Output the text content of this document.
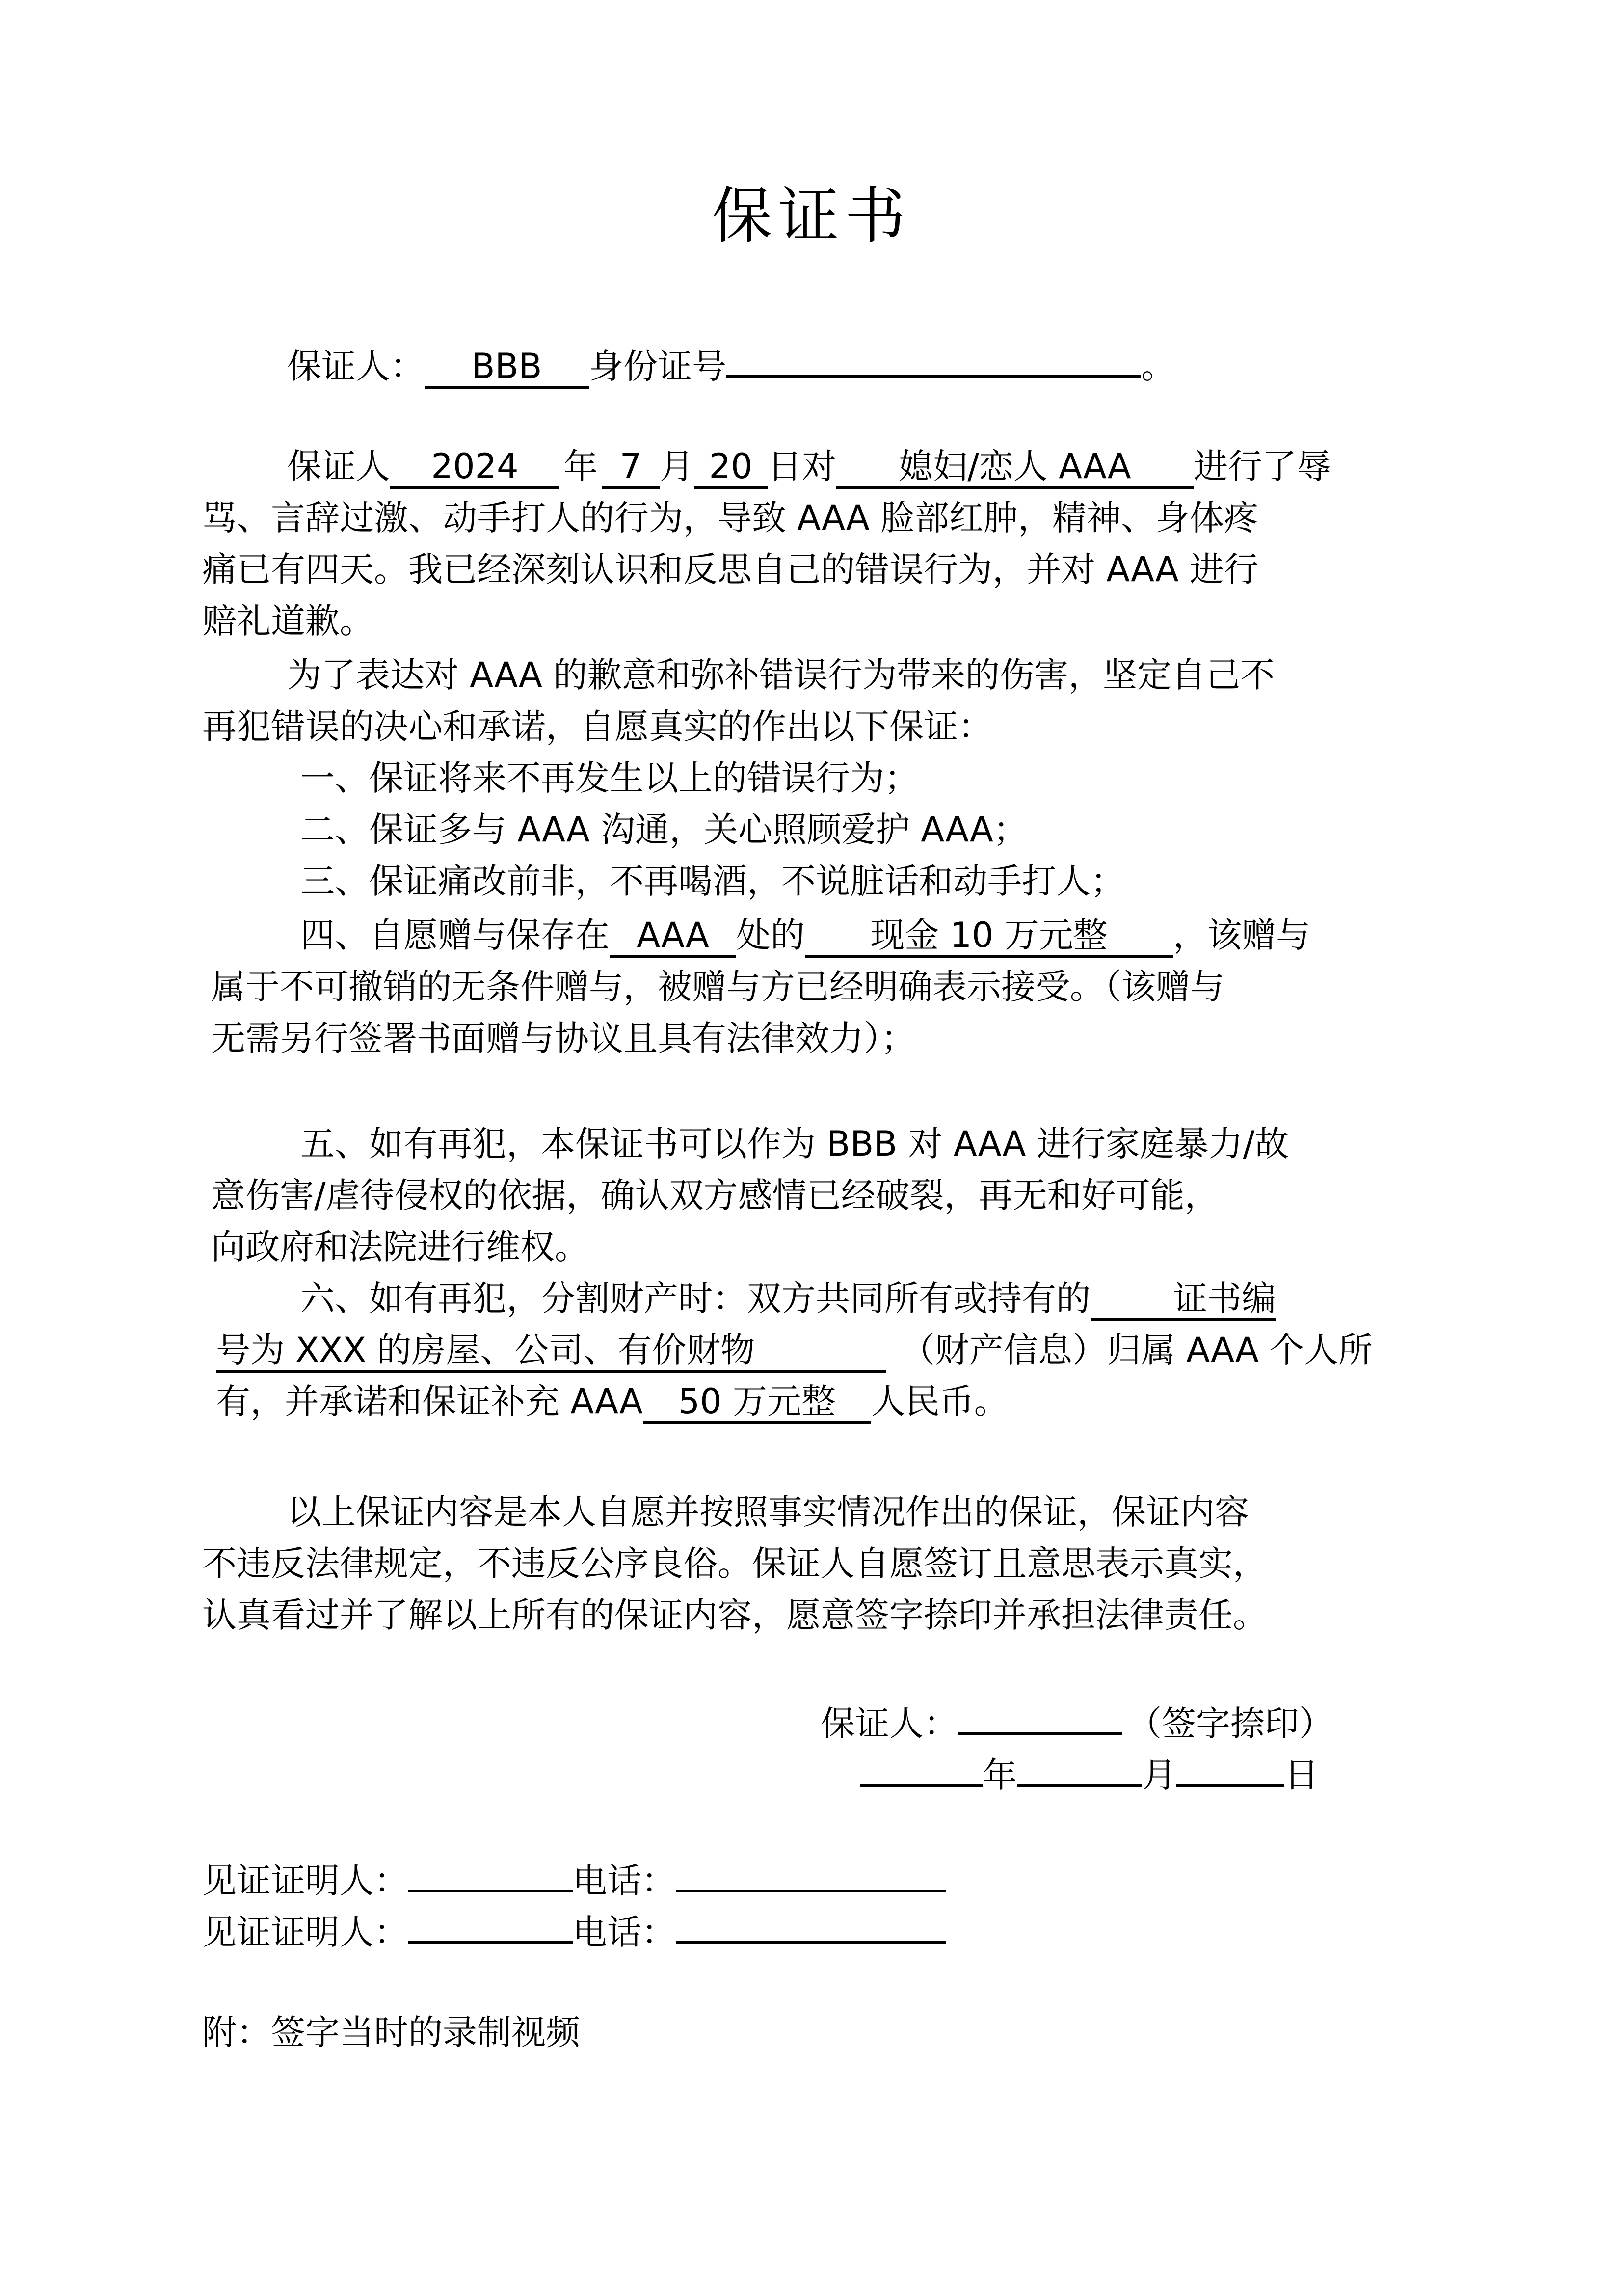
保证书
保证人： BBB 身份证号	。
保证人 2024 年 7 月 20 日对 媳妇/恋人 AAA 进行了辱
骂、言辞过激、动手打人的行为，导致 AAA 脸部红肿，精神、身体疼
痛已有四天。我已经深刻认识和反思自己的错误行为，并对 AAA 进行
赔礼道歉。
为了表达对 AAA 的歉意和弥补错误行为带来的伤害，坚定自己不
再犯错误的决心和承诺，自愿真实的作出以下保证：
一、保证将来不再发生以上的错误行为；
二、保证多与 AAA 沟通，关心照顾爱护 AAA；
三、保证痛改前非，不再喝酒，不说脏话和动手打人；
四、自愿赠与保存在 AAA 处的 现金 10 万元整 ，该赠与
属于不可撤销的无条件赠与，被赠与方已经明确表示接受。（该赠与
无需另行签署书面赠与协议且具有法律效力）；
五、如有再犯，本保证书可以作为 BBB 对 AAA 进行家庭暴力/故
意伤害/虐待侵权的依据，确认双方感情已经破裂，再无和好可能，
向政府和法院进行维权。
六、如有再犯，分割财产时：双方共同所有或持有的 证书编
号为 XXX 的房屋、公司、有价财物	（财产信息）归属 AAA 个人所
有，并承诺和保证补充 AAA 50 万元整 人民币。
以上保证内容是本人自愿并按照事实情况作出的保证，保证内容
不违反法律规定，不违反公序良俗。保证人自愿签订且意思表示真实，
认真看过并了解以上所有的保证内容，愿意签字捺印并承担法律责任。
保证人：	（签字捺印）
年	月	日
见证证明人：	电话：
见证证明人：	电话：
附：签字当时的录制视频
